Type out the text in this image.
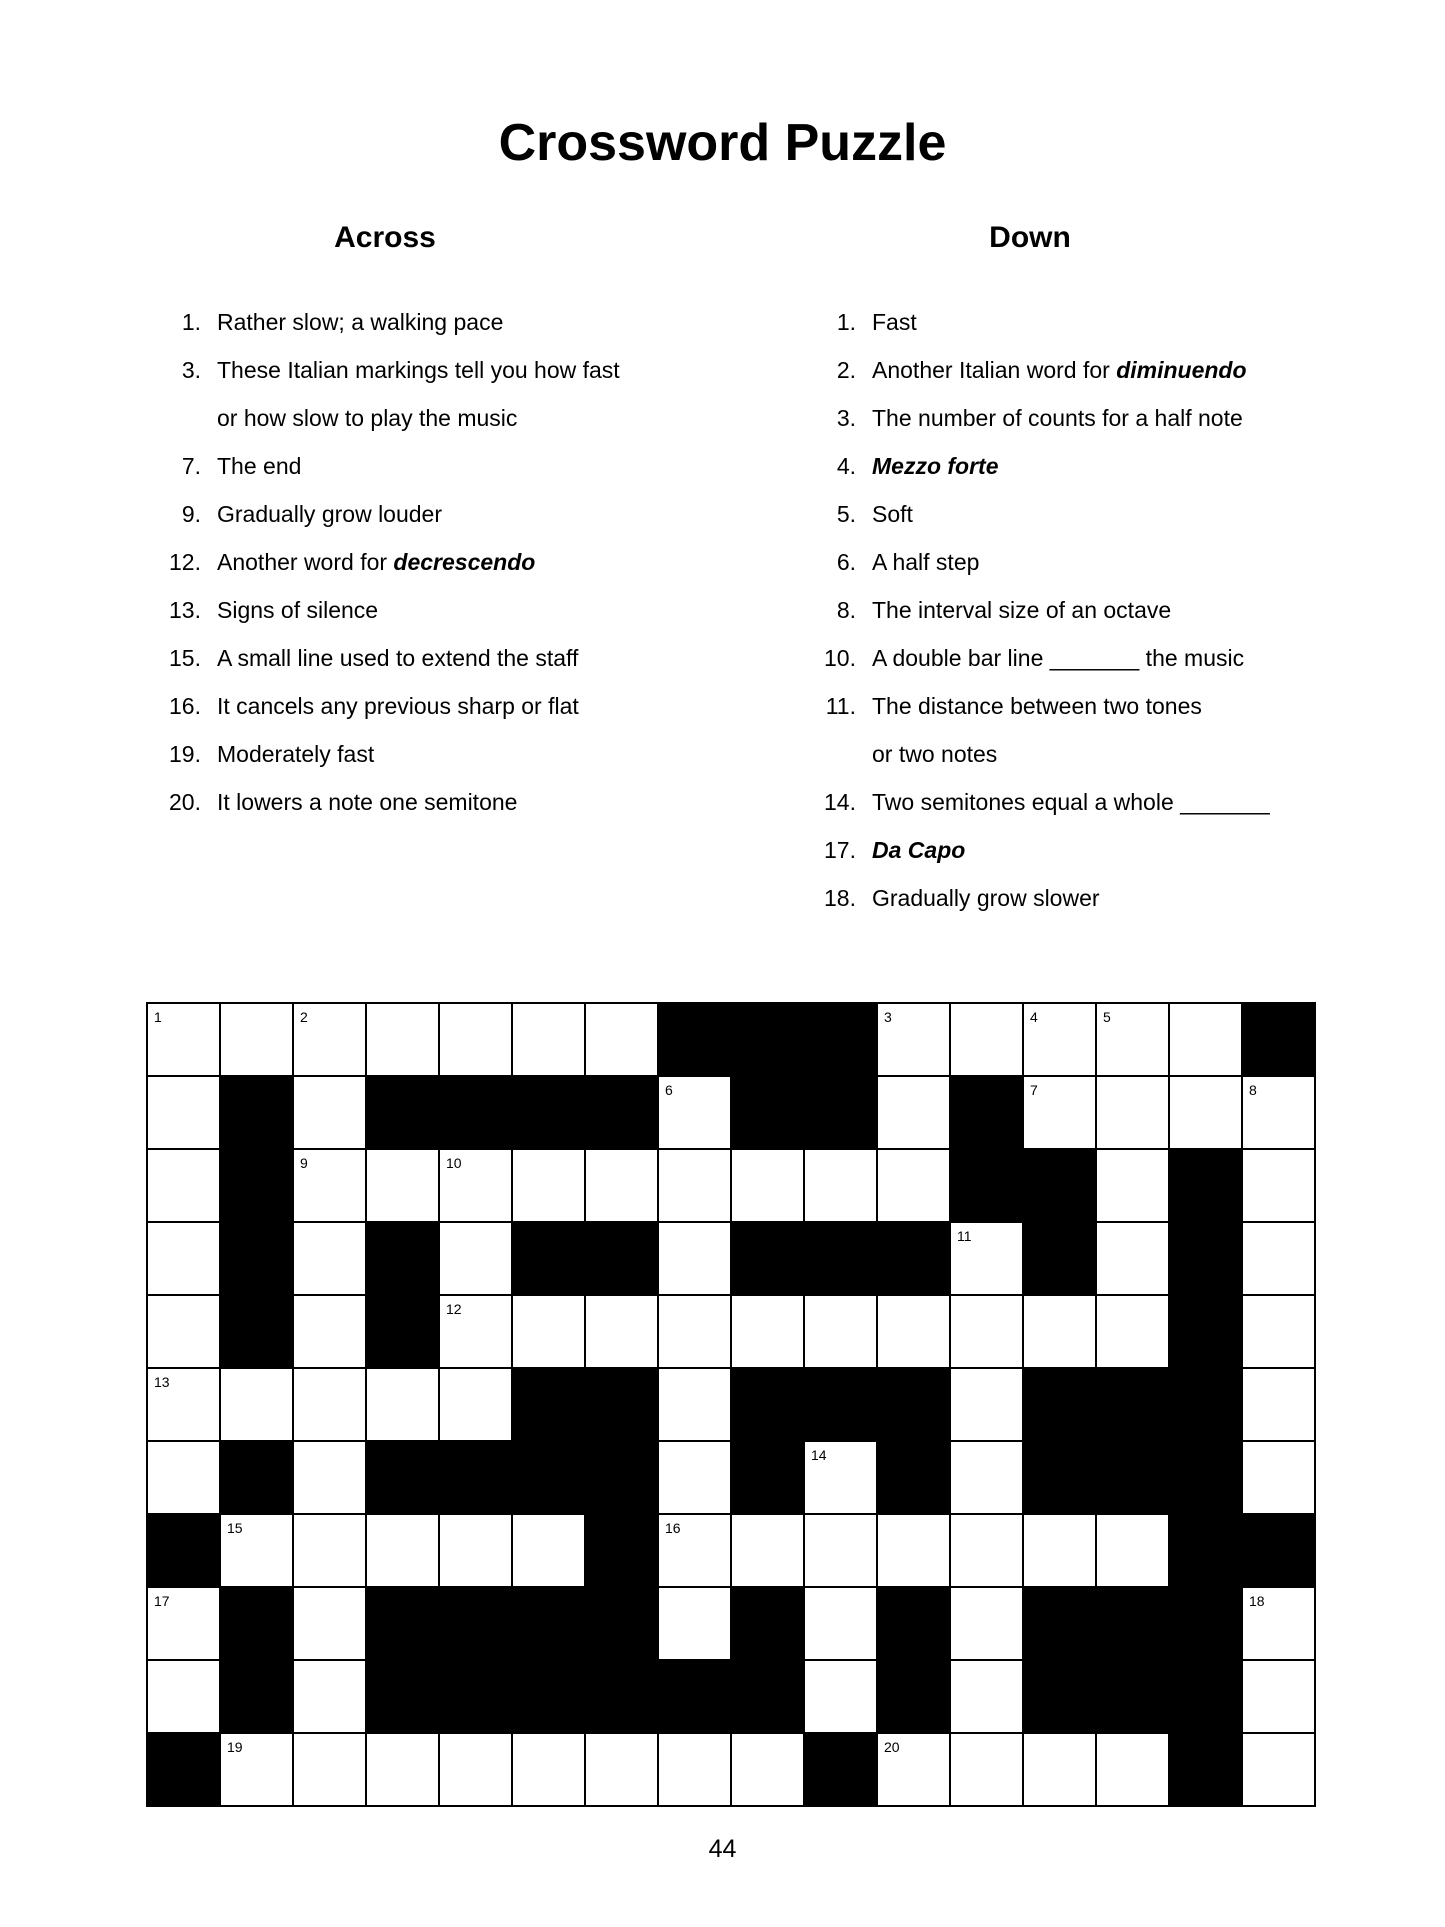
Crossword Puzzle
Across
1. Rather slow; a walking pace
3. These Italian markings tell you how fast
or how slow to play the music
7. The end
9. Gradually grow louder
12. Another word for decrescendo
13. Signs of silence
15. A small line used to extend the staff
16. It cancels any previous sharp or flat
19. Moderately fast
20. It lowers a note one semitone
Down
1. Fast
2. Another Italian word for diminuendo
3. The number of counts for a half note
4. Mezzo forte
5. Soft
6. A half step
8. The interval size of an octave
10. A double bar line _______ the music
11. The distance between two tones
or two notes
14. Two semitones equal a whole _______
17. Da Capo
18. Gradually grow slower
1	2	3	4	5
6	7	8
9	10
11
12
13
14
15	16
17	18
19	20
44
